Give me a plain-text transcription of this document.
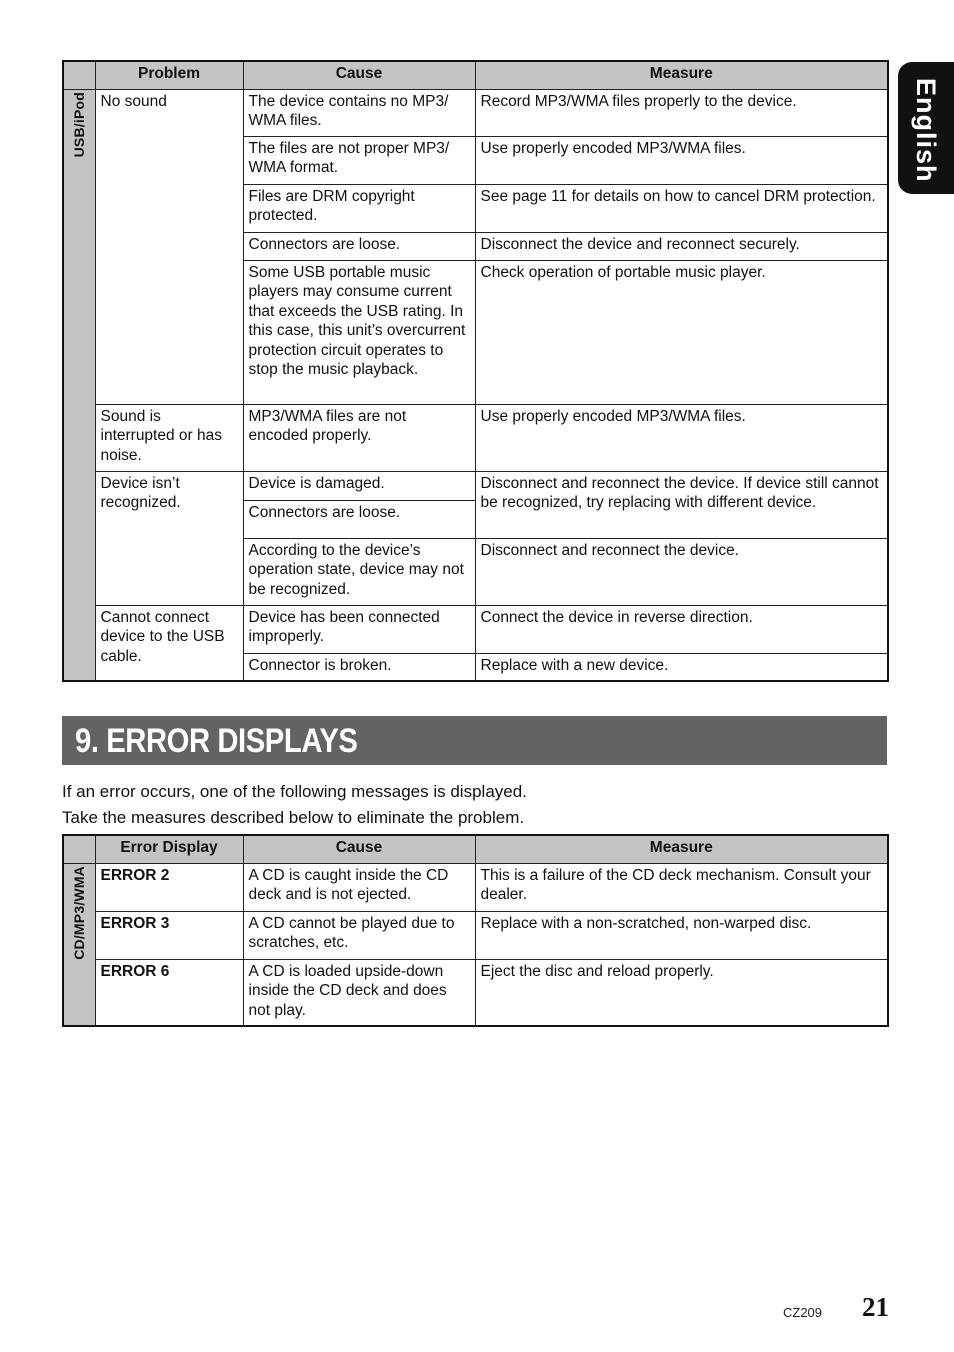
English
	Problem	Cause	Measure

USB/iPod	No sound	The device contains no MP3/ WMA files.	Record MP3/WMA files properly to the device.
		The files are not proper MP3/ WMA format.	Use properly encoded MP3/WMA files.
		Files are DRM copyright protected.	See page 11 for details on how to cancel DRM protection.
		Connectors are loose.	Disconnect the device and reconnect securely.
		Some USB portable music players may consume current that exceeds the USB rating. In this case, this unit’s overcurrent protection circuit operates to stop the music playback.	Check operation of portable music player.
	Sound is interrupted or has noise.	MP3/WMA files are not encoded properly.	Use properly encoded MP3/WMA files.
	Device isn’t recognized.	Device is damaged.	Disconnect and reconnect the device. If device still cannot be recognized, try replacing with different device.
		Connectors are loose.	
		According to the device’s operation state, device may not be recognized.	Disconnect and reconnect the device.
	Cannot connect device to the USB cable.	Device has been connected improperly.	Connect the device in reverse direction.
		Connector is broken.	Replace with a new device.
9. ERROR DISPLAYS
If an error occurs, one of the following messages is displayed.
Take the measures described below to eliminate the problem.
	Error Display	Cause	Measure

CD/MP3/WMA	ERROR 2	A CD is caught inside the CD deck and is not ejected.	This is a failure of the CD deck mechanism. Consult your dealer.
	ERROR 3	A CD cannot be played due to scratches, etc.	Replace with a non-scratched, non-warped disc.
	ERROR 6	A CD is loaded upside-down inside the CD deck and does not play.	Eject the disc and reload properly.
CZ209 21
